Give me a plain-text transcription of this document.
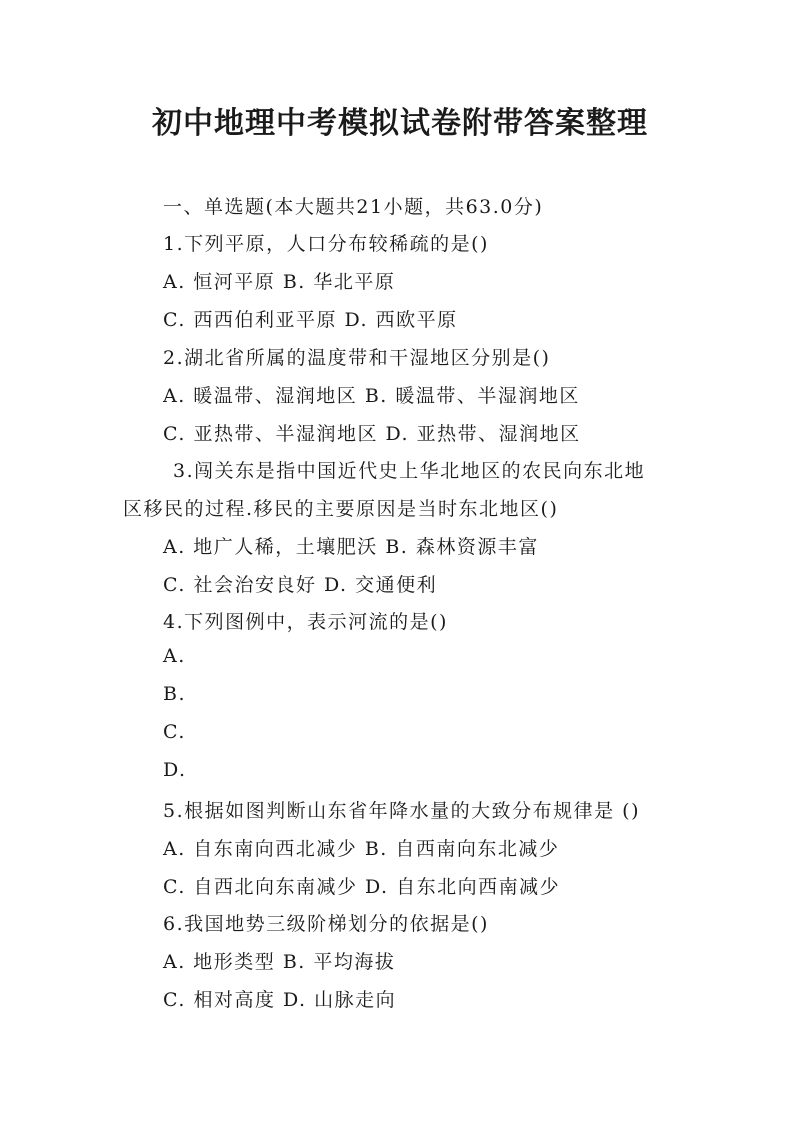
初中地理中考模拟试卷附带答案整理
一、单选题(本大题共21小题，共63.0分)
1.下列平原，人口分布较稀疏的是()
A. 恒河平原 B. 华北平原
C. 西西伯利亚平原 D. 西欧平原
2.湖北省所属的温度带和干湿地区分别是()
A. 暖温带、湿润地区 B. 暖温带、半湿润地区
C. 亚热带、半湿润地区 D. 亚热带、湿润地区
3.闯关东是指中国近代史上华北地区的农民向东北地
区移民的过程.移民的主要原因是当时东北地区()
A. 地广人稀，土壤肥沃 B. 森林资源丰富
C. 社会治安良好 D. 交通便利
4.下列图例中，表示河流的是()
A.
B.
C.
D.
5.根据如图判断山东省年降水量的大致分布规律是 ()
A. 自东南向西北减少 B. 自西南向东北减少
C. 自西北向东南减少 D. 自东北向西南减少
6.我国地势三级阶梯划分的依据是()
A. 地形类型 B. 平均海拔
C. 相对高度 D. 山脉走向
